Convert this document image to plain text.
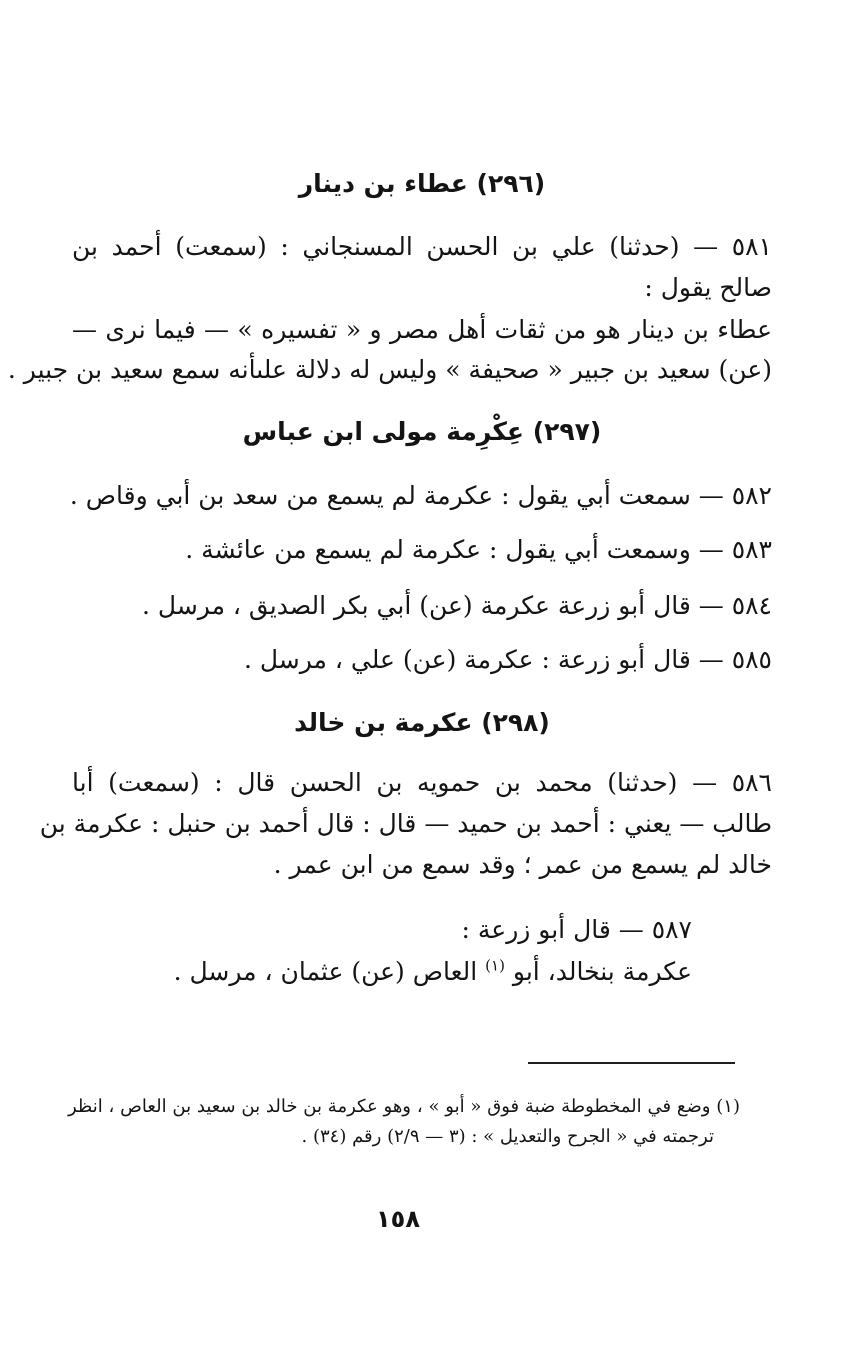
(٢٩٦) عطاء بن دينار
٥٨١ — (حدثنا) علي بن الحسن المسنجاني : (سمعت) أحمد بن
صالح يقول :
عطاء بن دينار هو من ثقات أهل مصر و « تفسيره » — فيما نرى —
(عن) سعيد بن جبير « صحيفة » وليس له دلالة علىأنه سمع سعيد بن جبير .
(٢٩٧) عِكْرِمة مولى ابن عباس
٥٨٢ — سمعت أبي يقول : عكرمة لم يسمع من سعد بن أبي وقاص .
٥٨٣ — وسمعت أبي يقول : عكرمة لم يسمع من عائشة .
٥٨٤ — قال أبو زرعة عكرمة (عن) أبي بكر الصديق ، مرسل .
٥٨٥ — قال أبو زرعة : عكرمة (عن) علي ، مرسل .
(٢٩٨) عكرمة بن خالد
٥٨٦ — (حدثنا) محمد بن حمويه بن الحسن قال : (سمعت) أبا
طالب — يعني : أحمد بن حميد — قال : قال أحمد بن حنبل : عكرمة بن
خالد لم يسمع من عمر ؛ وقد سمع من ابن عمر .
٥٨٧ — قال أبو زرعة :
عكرمة بنخالد، أبو $^{(١)}$ العاص (عن) عثمان ، مرسل .
(١) وضع في المخطوطة ضبة فوق « أبو » ، وهو عكرمة بن خالد بن سعيد بن العاص ، انظر
ترجمته في « الجرح والتعديل » : (٣ — ٢/٩) رقم (٣٤) .
١٥٨
